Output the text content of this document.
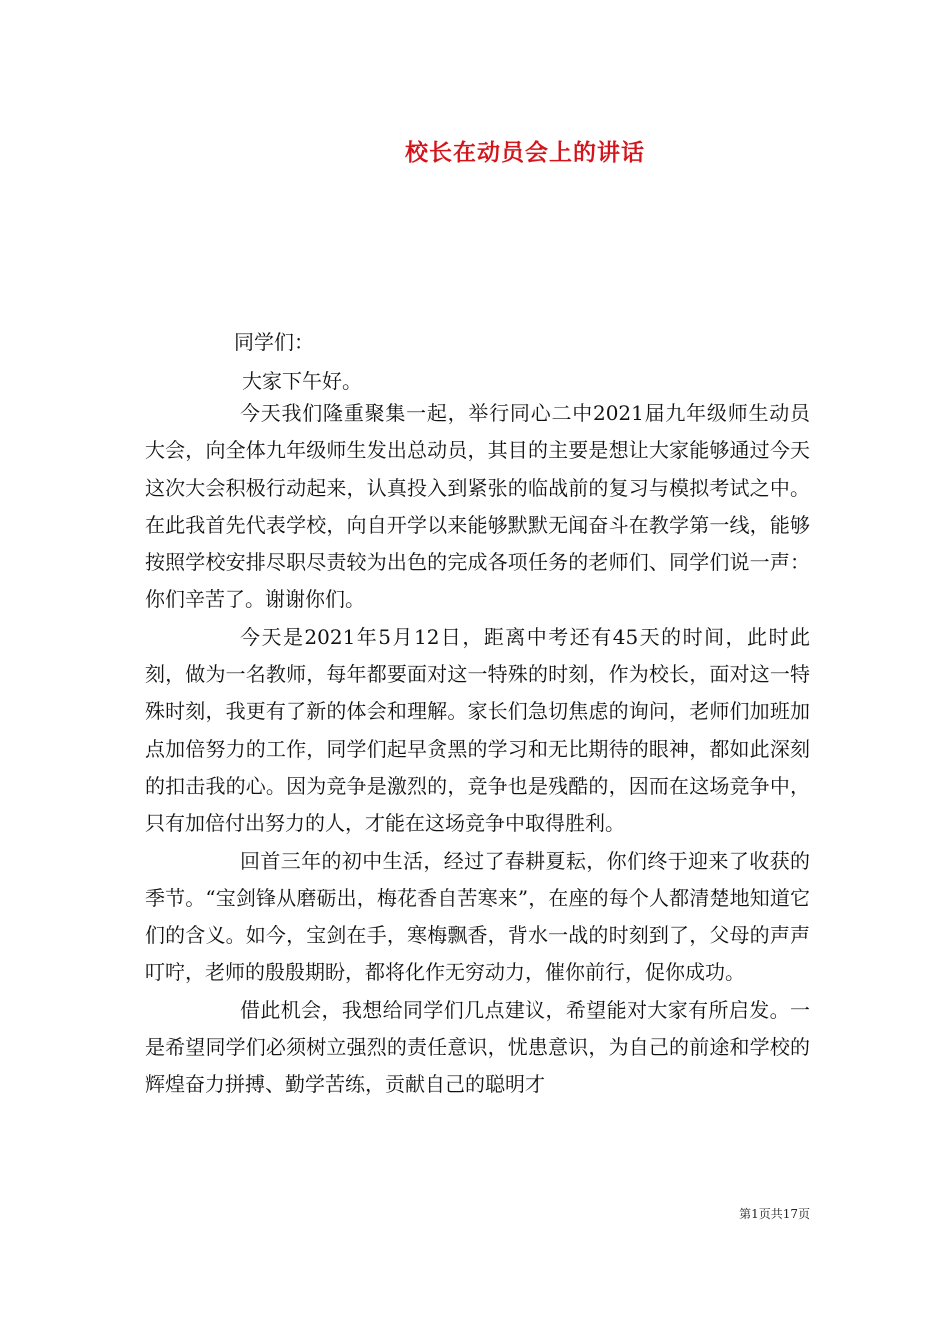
校长在动员会上的讲话
同学们：
大家下午好。

今天我们隆重聚集一起，举行同心二中2021届九年级师生动员大会，向全体九年级师生发出总动员，其目的主要是想让大家能够通过今天这次大会积极行动起来，认真投入到紧张的临战前的复习与模拟考试之中。在此我首先代表学校，向自开学以来能够默默无闻奋斗在教学第一线，能够按照学校安排尽职尽责较为出色的完成各项任务的老师们、同学们说一声：你们辛苦了。谢谢你们。

今天是2021年5月12日，距离中考还有45天的时间，此时此刻，做为一名教师，每年都要面对这一特殊的时刻，作为校长，面对这一特殊时刻，我更有了新的体会和理解。家长们急切焦虑的询问，老师们加班加点加倍努力的工作，同学们起早贪黑的学习和无比期待的眼神，都如此深刻的扣击我的心。因为竞争是激烈的，竞争也是残酷的，因而在这场竞争中，只有加倍付出努力的人，才能在这场竞争中取得胜利。

回首三年的初中生活，经过了春耕夏耘，你们终于迎来了收获的季节。“宝剑锋从磨砺出，梅花香自苦寒来”，在座的每个人都清楚地知道它们的含义。如今，宝剑在手，寒梅飘香，背水一战的时刻到了，父母的声声叮咛，老师的殷殷期盼，都将化作无穷动力，催你前行，促你成功。

借此机会，我想给同学们几点建议，希望能对大家有所启发。一是希望同学们必须树立强烈的责任意识，忧患意识，为自己的前途和学校的辉煌奋力拼搏、勤学苦练，贡献自己的聪明才

第1页共17页
